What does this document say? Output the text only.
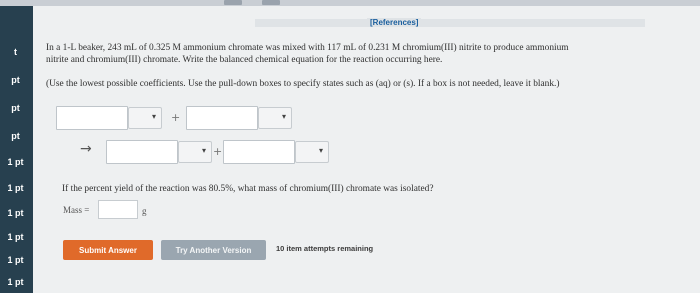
t
pt
pt
pt
1 pt
1 pt
1 pt
1 pt
1 pt
1 pt
[References]
In a 1-L beaker, 243 mL of 0.325 M ammonium chromate was mixed with 117 mL of 0.231 M chromium(III) nitrite to produce ammonium
nitrite and chromium(III) chromate. Write the balanced chemical equation for the reaction occurring here.
(Use the lowest possible coefficients. Use the pull-down boxes to specify states such as (aq) or (s). If a box is not needed, leave it blank.)
▾ +	▾
→	▾ +	▾
If the percent yield of the reaction was 80.5%, what mass of chromium(III) chromate was isolated?
Mass =	g
Submit Answer	Try Another Version	10 item attempts remaining
